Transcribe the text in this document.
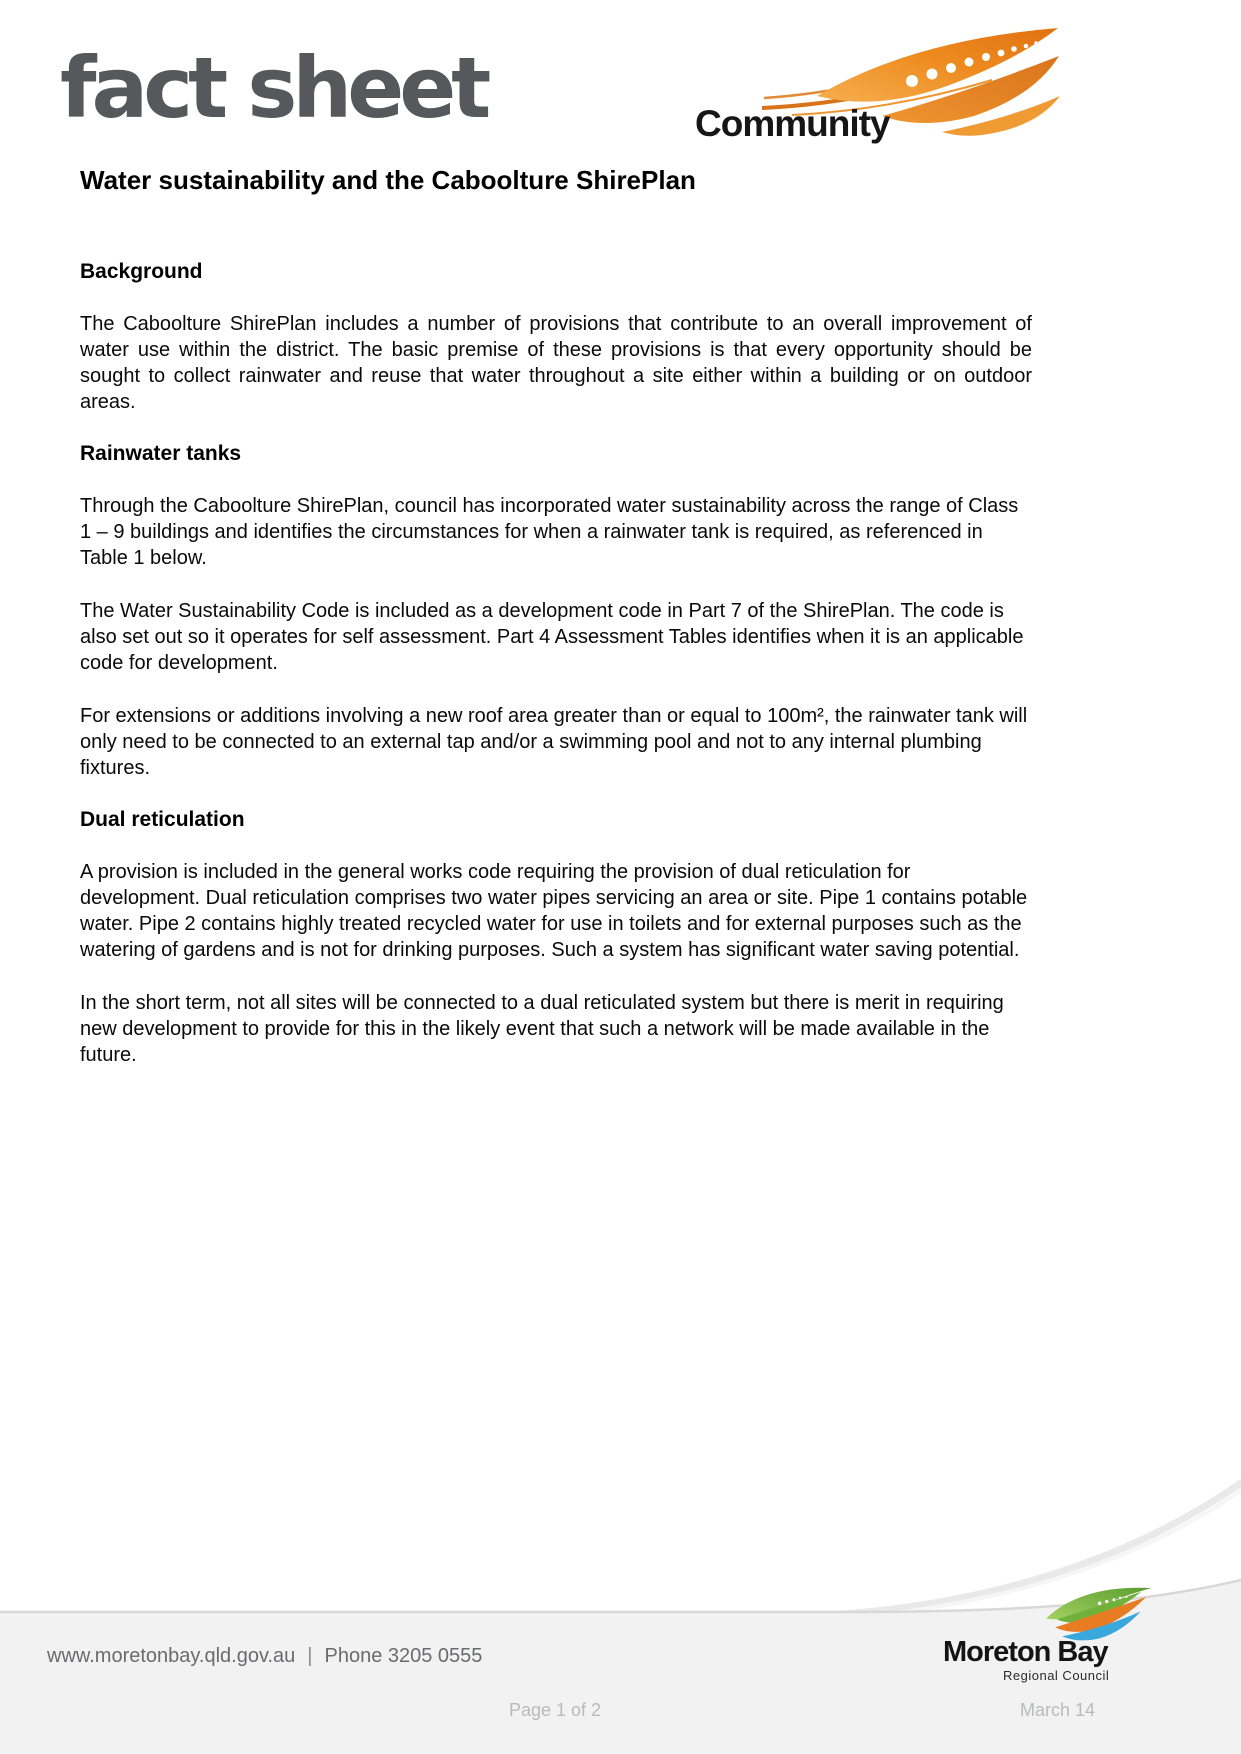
fact sheet	Community
Water sustainability and the Caboolture ShirePlan
Background

The Caboolture ShirePlan includes a number of provisions that contribute to an overall improvement of water use within the district. The basic premise of these provisions is that every opportunity should be sought to collect rainwater and reuse that water throughout a site either within a building or on outdoor areas.

Rainwater tanks

Through the Caboolture ShirePlan, council has incorporated water sustainability across the range of Class 1 – 9 buildings and identifies the circumstances for when a rainwater tank is required, as referenced in Table 1 below.

The Water Sustainability Code is included as a development code in Part 7 of the ShirePlan. The code is also set out so it operates for self assessment. Part 4 Assessment Tables identifies when it is an applicable code for development.

For extensions or additions involving a new roof area greater than or equal to 100m², the rainwater tank will only need to be connected to an external tap and/or a swimming pool and not to any internal plumbing fixtures.

Dual reticulation

A provision is included in the general works code requiring the provision of dual reticulation for development. Dual reticulation comprises two water pipes servicing an area or site. Pipe 1 contains potable water. Pipe 2 contains highly treated recycled water for use in toilets and for external purposes such as the watering of gardens and is not for drinking purposes. Such a system has significant water saving potential.

In the short term, not all sites will be connected to a dual reticulated system but there is merit in requiring new development to provide for this in the likely event that such a network will be made available in the future.

www.moretonbay.qld.gov.au | Phone 3205 0555	Moreton Bay
Regional Council
Page 1 of 2	March 14
